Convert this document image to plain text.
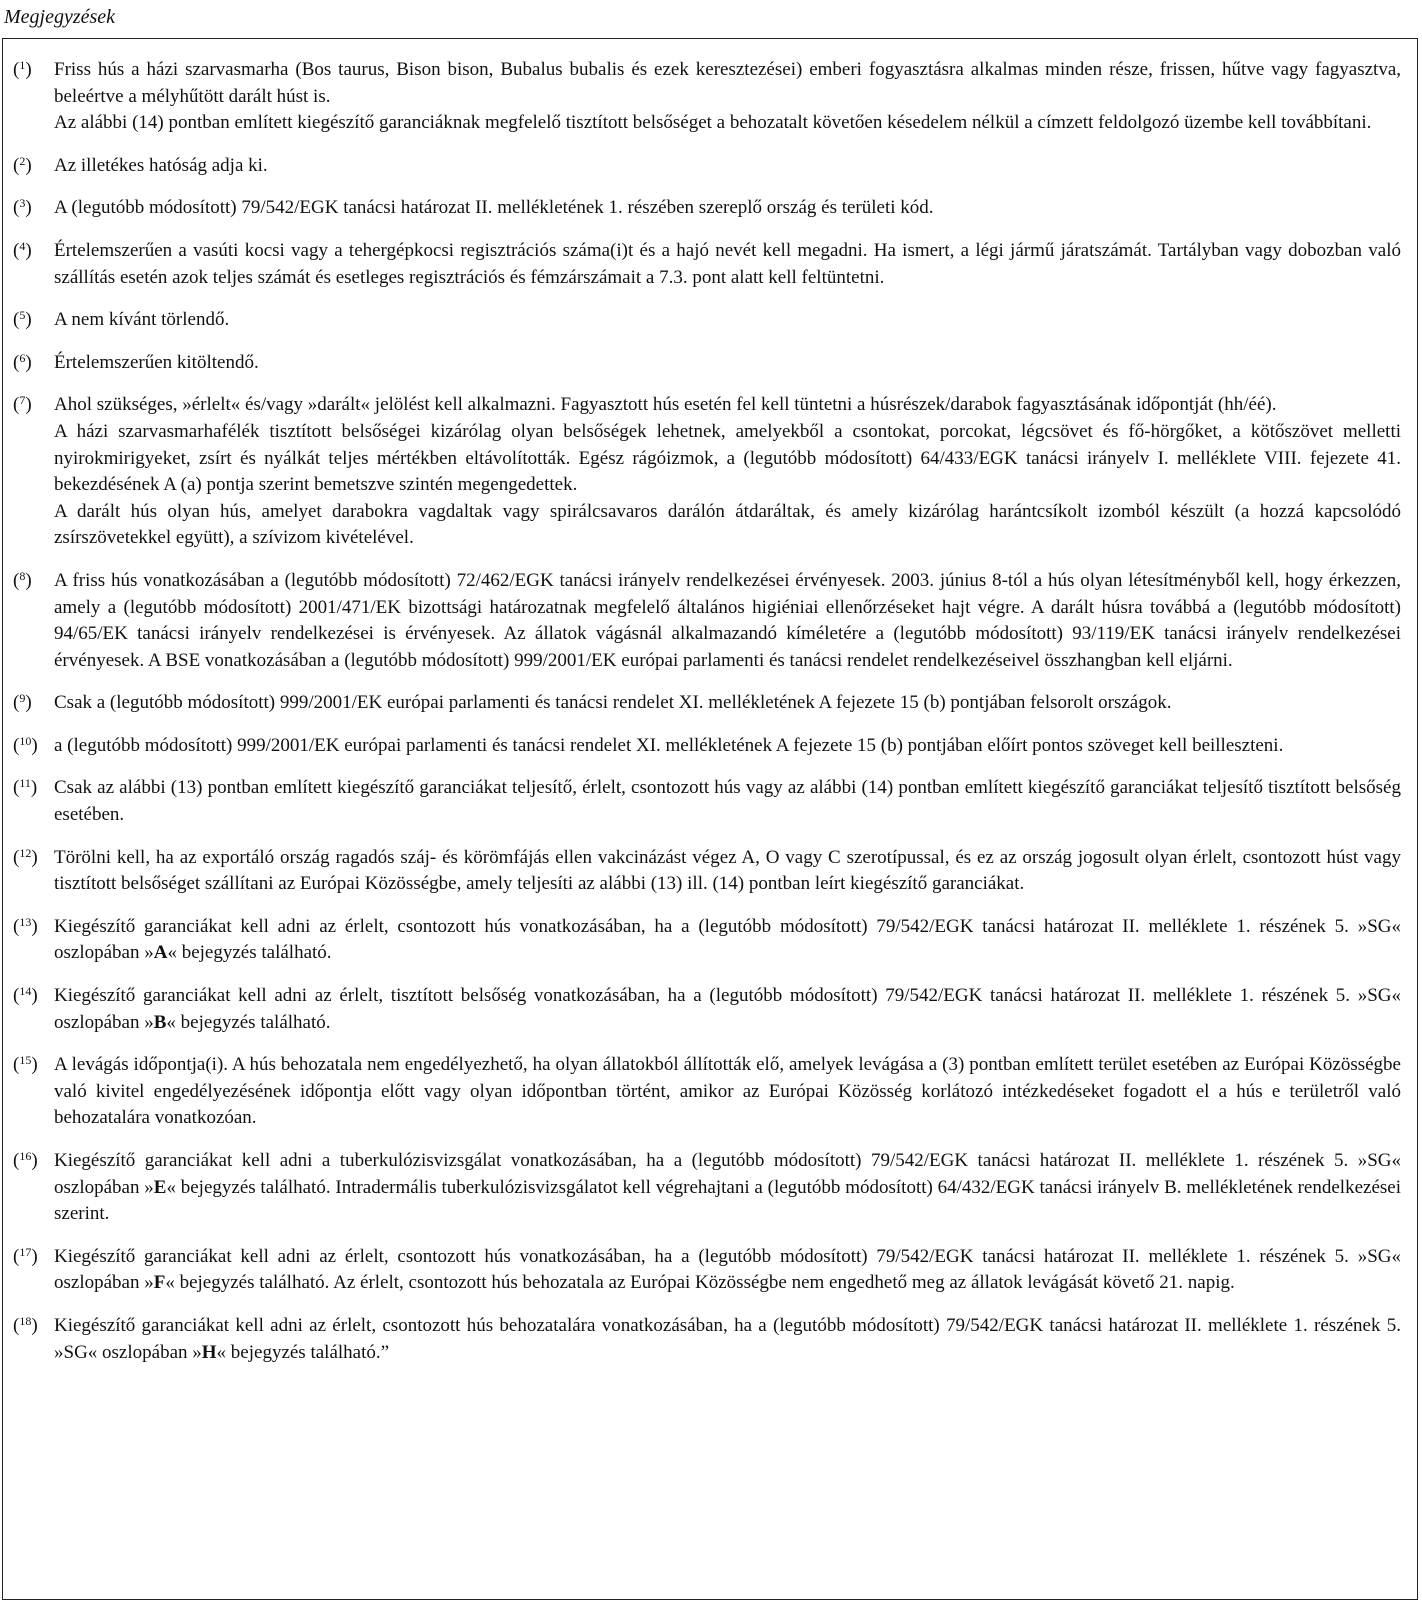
Megjegyzések
($^1$) Friss hús a házi szarvasmarha (Bos taurus, Bison bison, Bubalus bubalis és ezek keresztezései) emberi fogyasztásra alkalmas minden része, frissen, hűtve vagy fagyasztva, beleértve a mélyhűtött darált húst is.
Az alábbi (14) pontban említett kiegészítő garanciáknak megfelelő tisztított belsőséget a behozatalt követően késedelem nélkül a címzett feldolgozó üzembe kell továbbítani.
($^2$) Az illetékes hatóság adja ki.
($^3$) A (legutóbb módosított) 79/542/EGK tanácsi határozat II. mellékletének 1. részében szereplő ország és területi kód.
($^4$) Értelemszerűen a vasúti kocsi vagy a tehergépkocsi regisztrációs száma(i)t és a hajó nevét kell megadni. Ha ismert, a légi jármű járatszámát. Tartályban vagy dobozban való szállítás esetén azok teljes számát és esetleges regisztrációs és fémzárszámait a 7.3. pont alatt kell feltüntetni.
($^5$) A nem kívánt törlendő.
($^6$) Értelemszerűen kitöltendő.
($^7$) Ahol szükséges, »érlelt« és/vagy »darált« jelölést kell alkalmazni. Fagyasztott hús esetén fel kell tüntetni a húsrészek/darabok fagyasztásának időpontját (hh/éé).
A házi szarvasmarhafélék tisztított belsőségei kizárólag olyan belsőségek lehetnek, amelyekből a csontokat, porcokat, légcsövet és fő-hörgőket, a kötőszövet melletti nyirokmirigyeket, zsírt és nyálkát teljes mértékben eltávolították. Egész rágóizmok, a (legutóbb módosított) 64/433/EGK tanácsi irányelv I. melléklete VIII. fejezete 41. bekezdésének A (a) pontja szerint bemetszve szintén megengedettek.
A darált hús olyan hús, amelyet darabokra vagdaltak vagy spirálcsavaros darálón átdaráltak, és amely kizárólag harántcsíkolt izomból készült (a hozzá kapcsolódó zsírszövetekkel együtt), a szívizom kivételével.
($^8$) A friss hús vonatkozásában a (legutóbb módosított) 72/462/EGK tanácsi irányelv rendelkezései érvényesek. 2003. június 8-tól a hús olyan létesítményből kell, hogy érkezzen, amely a (legutóbb módosított) 2001/471/EK bizottsági határozatnak megfelelő általános higiéniai ellenőrzéseket hajt végre. A darált húsra továbbá a (legutóbb módosított) 94/65/EK tanácsi irányelv rendelkezései is érvényesek. Az állatok vágásnál alkalmazandó kíméletére a (legutóbb módosított) 93/119/EK tanácsi irányelv rendelkezései érvényesek. A BSE vonatkozásában a (legutóbb módosított) 999/2001/EK európai parlamenti és tanácsi rendelet rendelkezéseivel összhangban kell eljárni.
($^9$) Csak a (legutóbb módosított) 999/2001/EK európai parlamenti és tanácsi rendelet XI. mellékletének A fejezete 15 (b) pontjában felsorolt országok.
($^{10}$) a (legutóbb módosított) 999/2001/EK európai parlamenti és tanácsi rendelet XI. mellékletének A fejezete 15 (b) pontjában előírt pontos szöveget kell beilleszteni.
($^{11}$) Csak az alábbi (13) pontban említett kiegészítő garanciákat teljesítő, érlelt, csontozott hús vagy az alábbi (14) pontban említett kiegészítő garanciákat teljesítő tisztított belsőség esetében.
($^{12}$) Törölni kell, ha az exportáló ország ragadós száj- és körömfájás ellen vakcinázást végez A, O vagy C szerotípussal, és ez az ország jogosult olyan érlelt, csontozott húst vagy tisztított belsőséget szállítani az Európai Közösségbe, amely teljesíti az alábbi (13) ill. (14) pontban leírt kiegészítő garanciákat.
($^{13}$) Kiegészítő garanciákat kell adni az érlelt, csontozott hús vonatkozásában, ha a (legutóbb módosított) 79/542/EGK tanácsi határozat II. melléklete 1. részének 5. »SG« oszlopában »A« bejegyzés található.
($^{14}$) Kiegészítő garanciákat kell adni az érlelt, tisztított belsőség vonatkozásában, ha a (legutóbb módosított) 79/542/EGK tanácsi határozat II. melléklete 1. részének 5. »SG« oszlopában »B« bejegyzés található.
($^{15}$) A levágás időpontja(i). A hús behozatala nem engedélyezhető, ha olyan állatokból állították elő, amelyek levágása a (3) pontban említett terület esetében az Európai Közösségbe való kivitel engedélyezésének időpontja előtt vagy olyan időpontban történt, amikor az Európai Közösség korlátozó intézkedéseket fogadott el a hús e területről való behozatalára vonatkozóan.
($^{16}$) Kiegészítő garanciákat kell adni a tuberkulózisvizsgálat vonatkozásában, ha a (legutóbb módosított) 79/542/EGK tanácsi határozat II. melléklete 1. részének 5. »SG« oszlopában »E« bejegyzés található. Intradermális tuberkulózisvizsgálatot kell végrehajtani a (legutóbb módosított) 64/432/EGK tanácsi irányelv B. mellékletének rendelkezései szerint.
($^{17}$) Kiegészítő garanciákat kell adni az érlelt, csontozott hús vonatkozásában, ha a (legutóbb módosított) 79/542/EGK tanácsi határozat II. melléklete 1. részének 5. »SG« oszlopában »F« bejegyzés található. Az érlelt, csontozott hús behozatala az Európai Közösségbe nem engedhető meg az állatok levágását követő 21. napig.
($^{18}$) Kiegészítő garanciákat kell adni az érlelt, csontozott hús behozatalára vonatkozásában, ha a (legutóbb módosított) 79/542/EGK tanácsi határozat II. melléklete 1. részének 5. »SG« oszlopában »H« bejegyzés található.”
